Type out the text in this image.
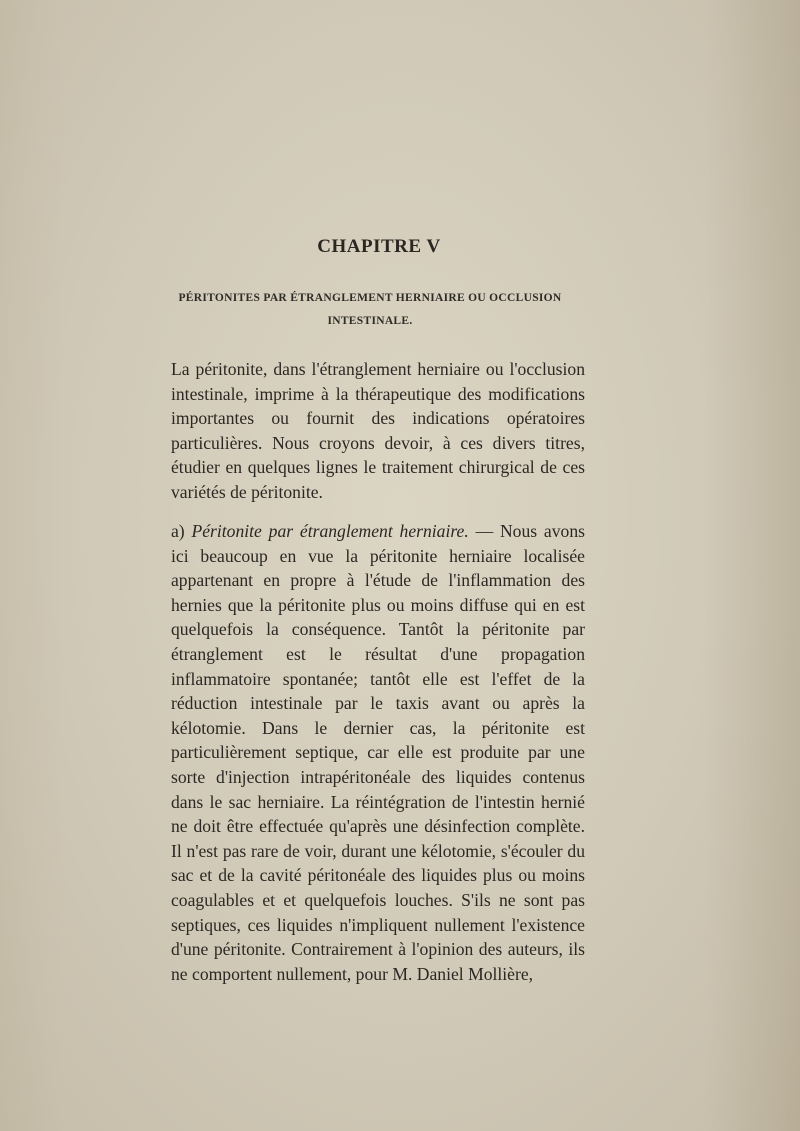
CHAPITRE V
PÉRITONITES PAR ÉTRANGLEMENT HERNIAIRE OU OCCLUSION
INTESTINALE.

La péritonite, dans l'étranglement herniaire ou l'occlusion intestinale, imprime à la thérapeutique des modifications importantes ou fournit des indications opératoires particulières. Nous croyons devoir, à ces divers titres, étudier en quelques lignes le traitement chirurgical de ces variétés de péritonite.

a) Péritonite par étranglement herniaire. — Nous avons ici beaucoup en vue la péritonite herniaire localisée appartenant en propre à l'étude de l'inflammation des hernies que la péritonite plus ou moins diffuse qui en est quelquefois la conséquence. Tantôt la péritonite par étranglement est le résultat d'une propagation inflammatoire spontanée; tantôt elle est l'effet de la réduction intestinale par le taxis avant ou après la kélotomie. Dans le dernier cas, la péritonite est particulièrement septique, car elle est produite par une sorte d'injection intrapéritonéale des liquides contenus dans le sac herniaire. La réintégration de l'intestin hernié ne doit être effectuée qu'après une désinfection complète. Il n'est pas rare de voir, durant une kélotomie, s'écouler du sac et de la cavité péritonéale des liquides plus ou moins coagulables et et quelquefois louches. S'ils ne sont pas septiques, ces liquides n'impliquent nullement l'existence d'une péritonite. Contrairement à l'opinion des auteurs, ils ne comportent nullement, pour M. Daniel Mollière,
